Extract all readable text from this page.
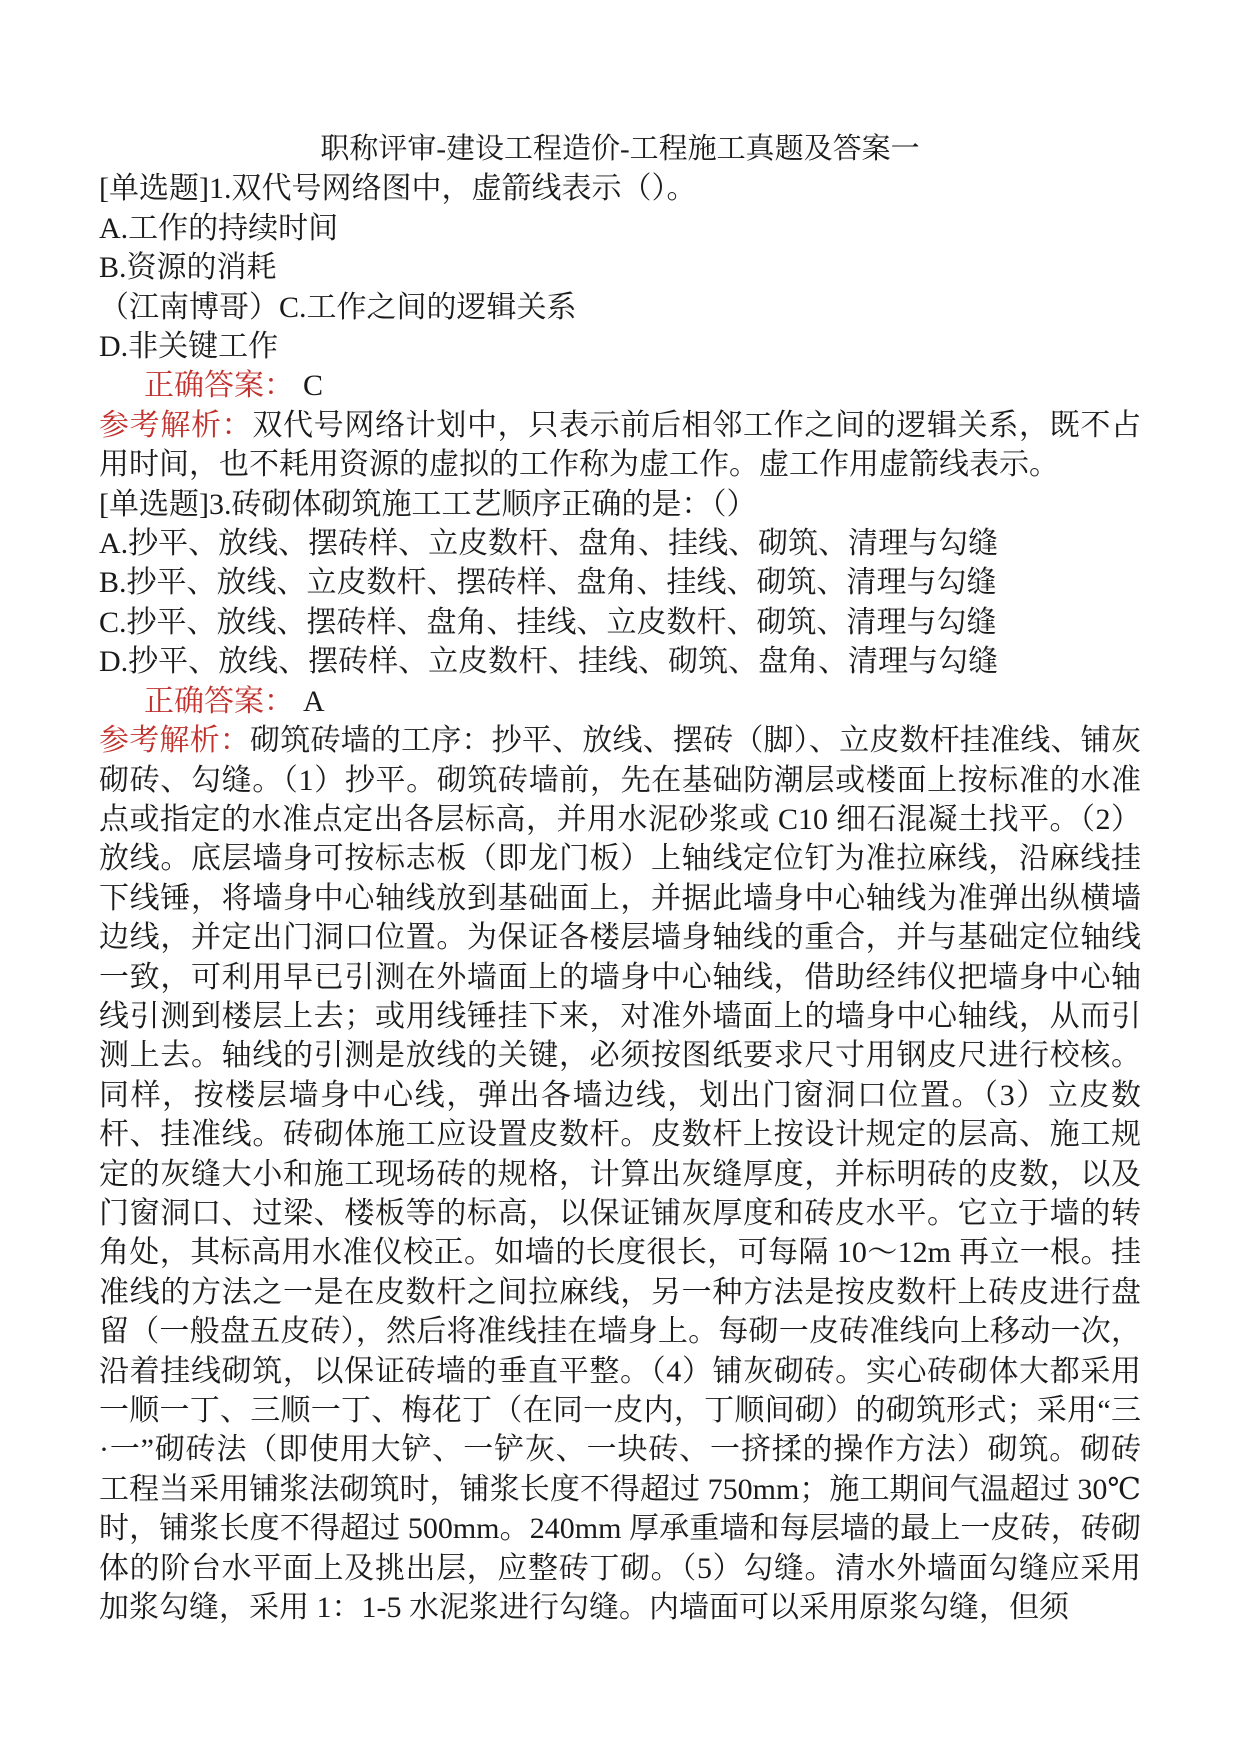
职称评审-建设工程造价-工程施工真题及答案一
[单选题]1.双代号网络图中，虚箭线表示（）。
A.工作的持续时间
B.资源的消耗
（江南博哥）C.工作之间的逻辑关系
D.非关键工作
正确答案： C
参考解析：双代号网络计划中，只表示前后相邻工作之间的逻辑关系，既不占用时间，也不耗用资源的虚拟的工作称为虚工作。虚工作用虚箭线表示。
[单选题]3.砖砌体砌筑施工工艺顺序正确的是：（）
A.抄平、放线、摆砖样、立皮数杆、盘角、挂线、砌筑、清理与勾缝
B.抄平、放线、立皮数杆、摆砖样、盘角、挂线、砌筑、清理与勾缝
C.抄平、放线、摆砖样、盘角、挂线、立皮数杆、砌筑、清理与勾缝
D.抄平、放线、摆砖样、立皮数杆、挂线、砌筑、盘角、清理与勾缝
正确答案： A
参考解析：砌筑砖墙的工序：抄平、放线、摆砖（脚）、立皮数杆挂准线、铺灰砌砖、勾缝。（1）抄平。砌筑砖墙前，先在基础防潮层或楼面上按标准的水准点或指定的水准点定出各层标高，并用水泥砂浆或 C10 细石混凝土找平。（2）放线。底层墙身可按标志板（即龙门板）上轴线定位钉为准拉麻线，沿麻线挂下线锤，将墙身中心轴线放到基础面上，并据此墙身中心轴线为准弹出纵横墙边线，并定出门洞口位置。为保证各楼层墙身轴线的重合，并与基础定位轴线一致，可利用早已引测在外墙面上的墙身中心轴线，借助经纬仪把墙身中心轴线引测到楼层上去；或用线锤挂下来，对准外墙面上的墙身中心轴线，从而引测上去。轴线的引测是放线的关键，必须按图纸要求尺寸用钢皮尺进行校核。同样，按楼层墙身中心线，弹出各墙边线，划出门窗洞口位置。（3）立皮数杆、挂准线。砖砌体施工应设置皮数杆。皮数杆上按设计规定的层高、施工规定的灰缝大小和施工现场砖的规格，计算出灰缝厚度，并标明砖的皮数，以及门窗洞口、过梁、楼板等的标高，以保证铺灰厚度和砖皮水平。它立于墙的转角处，其标高用水准仪校正。如墙的长度很长，可每隔 10～12m 再立一根。挂准线的方法之一是在皮数杆之间拉麻线，另一种方法是按皮数杆上砖皮进行盘留（一般盘五皮砖），然后将准线挂在墙身上。每砌一皮砖准线向上移动一次，沿着挂线砌筑，以保证砖墙的垂直平整。（4）铺灰砌砖。实心砖砌体大都采用一顺一丁、三顺一丁、梅花丁（在同一皮内，丁顺间砌）的砌筑形式；采用“三·一”砌砖法（即使用大铲、一铲灰、一块砖、一挤揉的操作方法）砌筑。砌砖工程当采用铺浆法砌筑时，铺浆长度不得超过 750mm；施工期间气温超过 30℃时，铺浆长度不得超过 500mm。240mm 厚承重墙和每层墙的最上一皮砖，砖砌体的阶台水平面上及挑出层，应整砖丁砌。（5）勾缝。清水外墙面勾缝应采用加浆勾缝，采用 1：1-5 水泥浆进行勾缝。内墙面可以采用原浆勾缝，但须
